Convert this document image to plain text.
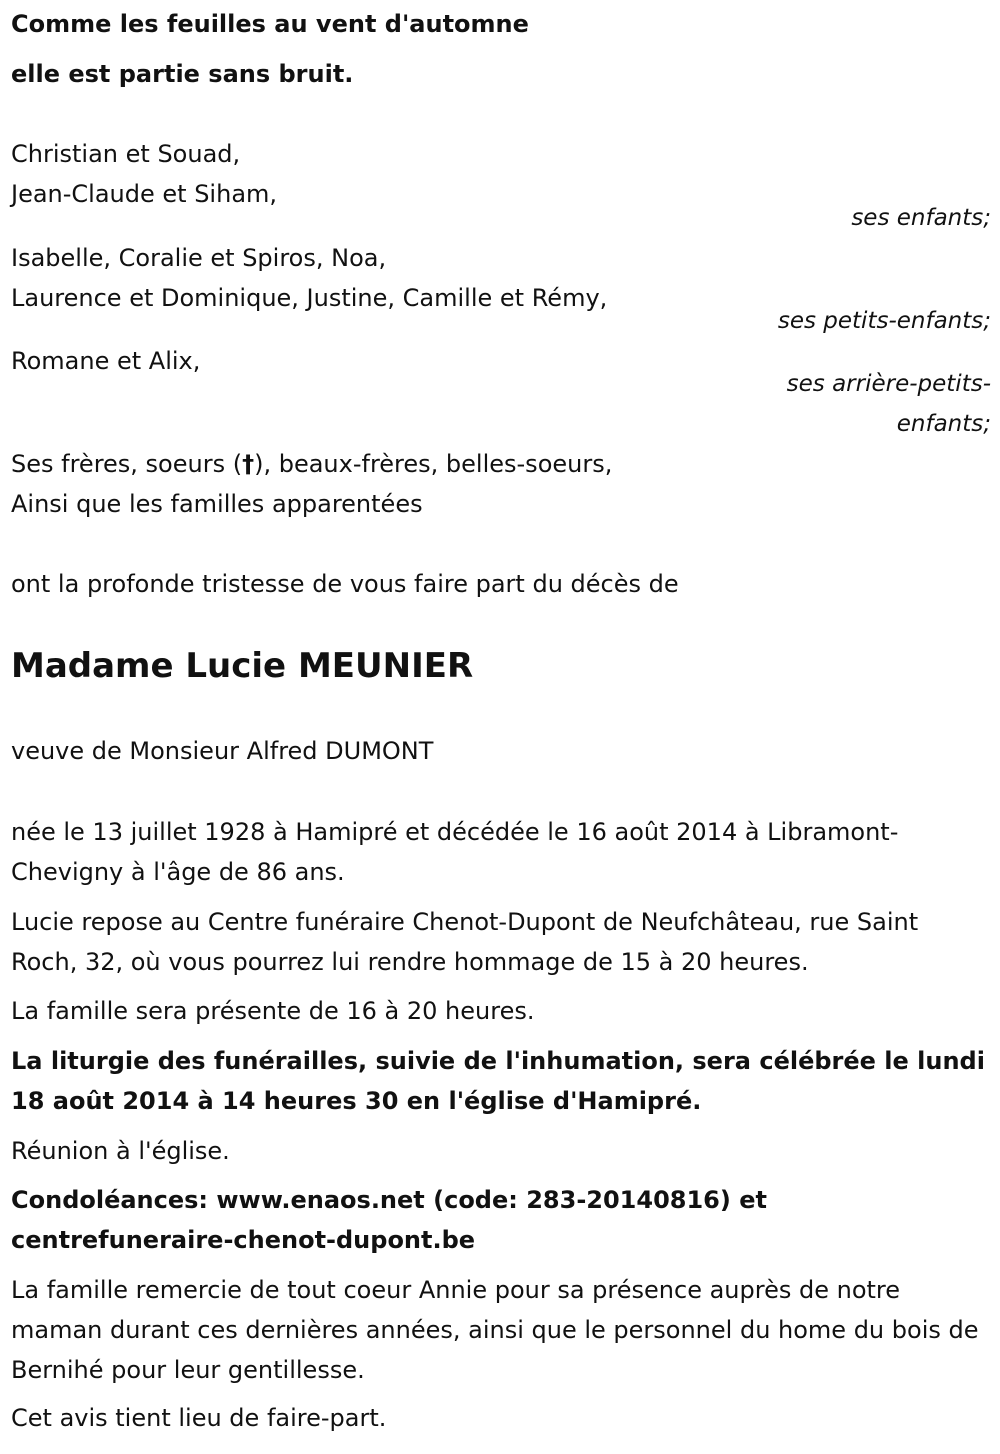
Comme les feuilles au vent d'automne
elle est partie sans bruit.
Christian et Souad,
Jean-Claude et Siham,
ses enfants;
Isabelle, Coralie et Spiros, Noa,
Laurence et Dominique, Justine, Camille et Rémy,
ses petits-enfants;
Romane et Alix,
ses arrière-petits-
enfants;
Ses frères, soeurs (†), beaux-frères, belles-soeurs,
Ainsi que les familles apparentées
ont la profonde tristesse de vous faire part du décès de
Madame Lucie MEUNIER
veuve de Monsieur Alfred DUMONT
née le 13 juillet 1928 à Hamipré et décédée le 16 août 2014 à Libramont-Chevigny à l'âge de 86 ans.
Lucie repose au Centre funéraire Chenot-Dupont de Neufchâteau, rue Saint Roch, 32, où vous pourrez lui rendre hommage de 15 à 20 heures.
La famille sera présente de 16 à 20 heures.
La liturgie des funérailles, suivie de l'inhumation, sera célébrée le lundi 18 août 2014 à 14 heures 30 en l'église d'Hamipré.
Réunion à l'église.
Condoléances: www.enaos.net (code: 283-20140816) et centrefuneraire-chenot-dupont.be
La famille remercie de tout coeur Annie pour sa présence auprès de notre maman durant ces dernières années, ainsi que le personnel du home du bois de Bernihé pour leur gentillesse.
Cet avis tient lieu de faire-part.
